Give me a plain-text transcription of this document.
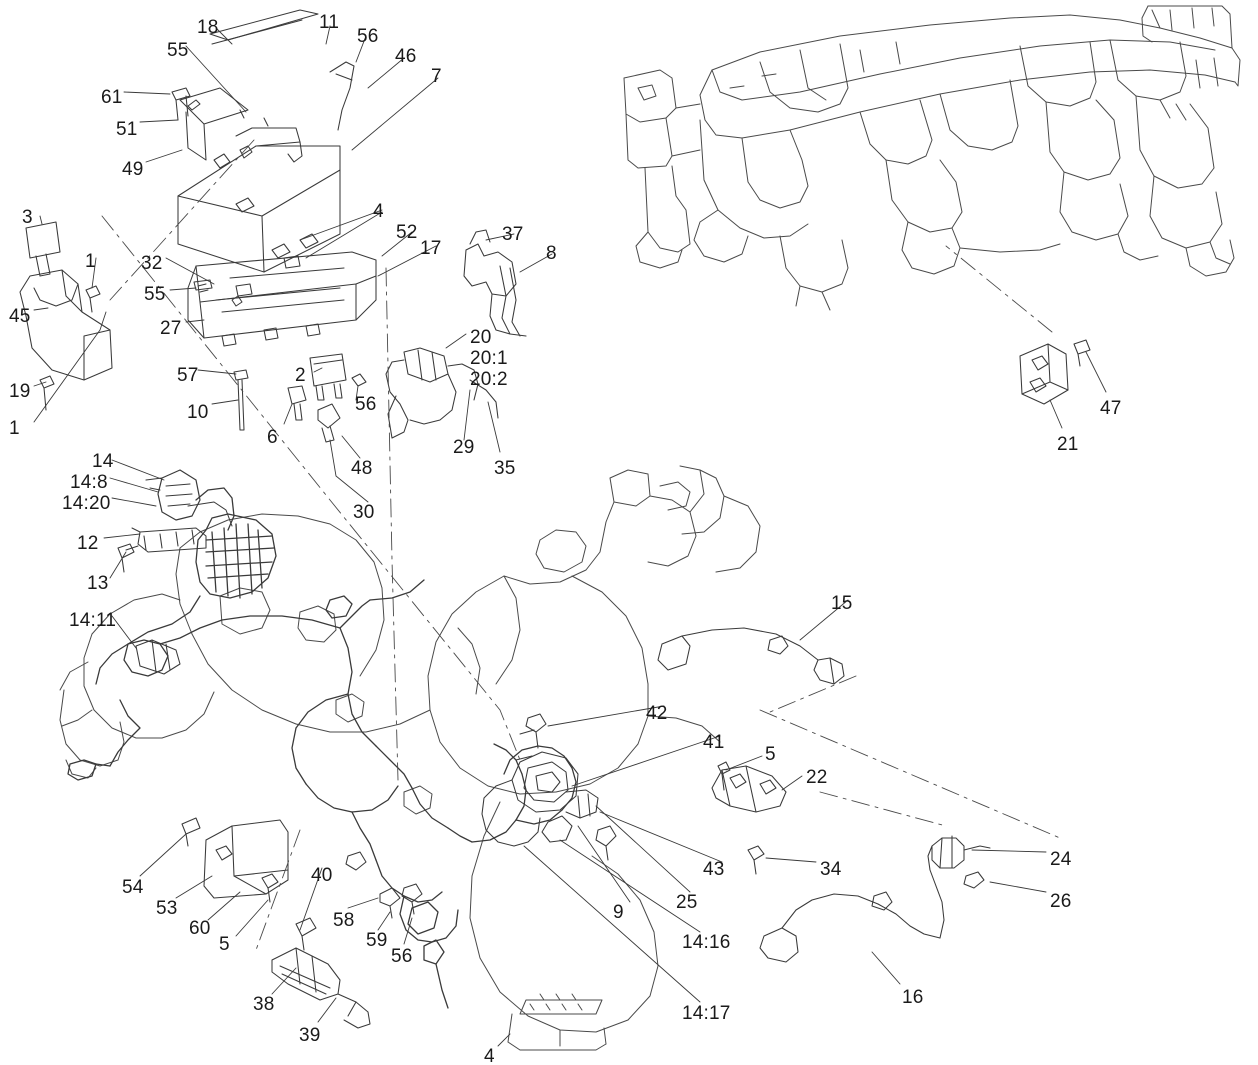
18	11
56
55	46
7
61
51
49
3	4
52	37
17	8
1 32
55
45
27	20
20:1
20:2
57	2
19
56
10
1	6	29
48	35
14
14:8
14:20	30
12
13
15
14:11
42
41
5
22
54
43	34	24
26
53
40
60
5
58
59
56
9	25
14:16
38
39
14:17
16
4
47
21
